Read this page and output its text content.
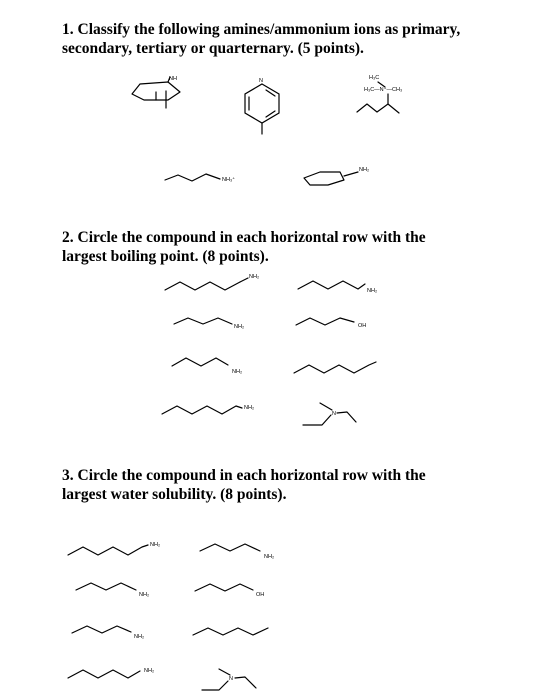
1. Classify the following amines/ammonium ions as primary,
secondary, tertiary or quarternary. (5 points).
2. Circle the compound in each horizontal row with the
largest boiling point. (8 points).
3. Circle the compound in each horizontal row with the
largest water solubility. (8 points).
NH	N	H₃C
H₃C—N⁺—CH₃
NH₃⁺
NH₂
NH₂
NH₂
NH₂	OH
NH₂
NH₂
N
NH₂
NH₂
NH₂	OH
NH₂
NH₂
N
